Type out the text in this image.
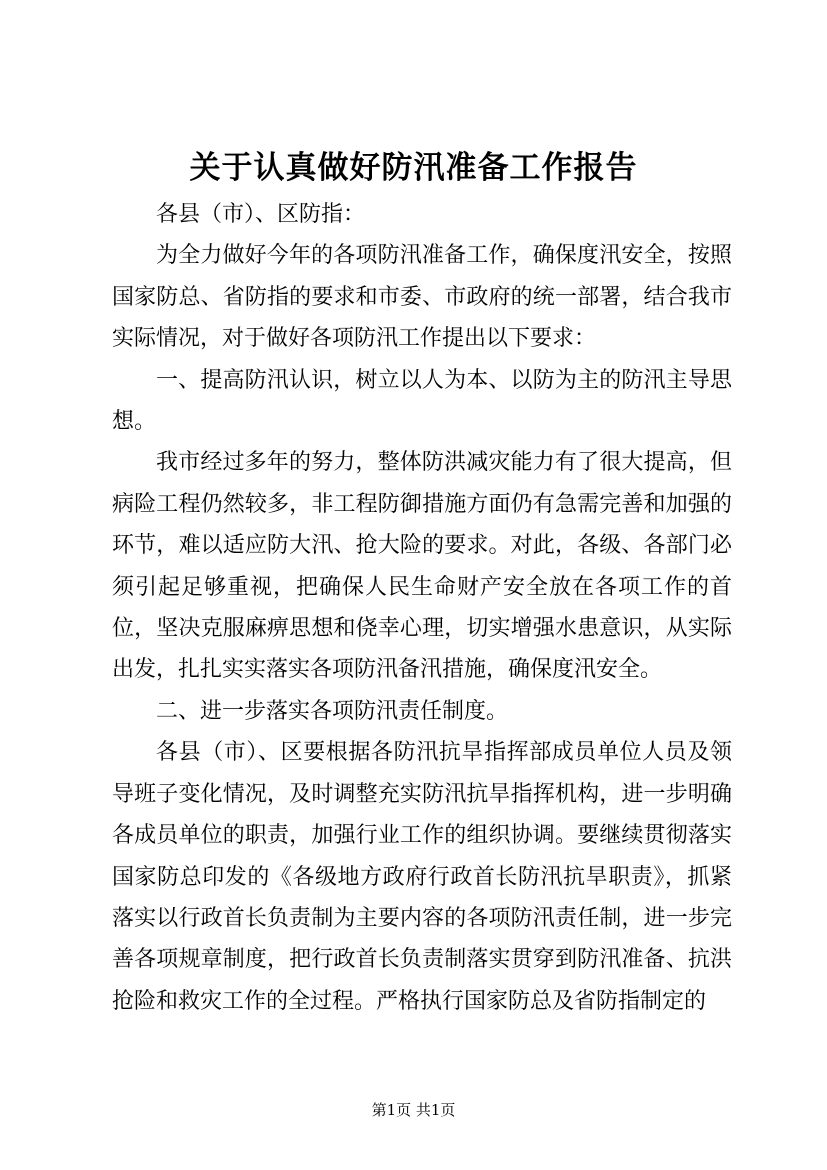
关于认真做好防汛准备工作报告

各县（市）、区防指：

为全力做好今年的各项防汛准备工作，确保度汛安全，按照国家防总、省防指的要求和市委、市政府的统一部署，结合我市实际情况，对于做好各项防汛工作提出以下要求：

一、提高防汛认识，树立以人为本、以防为主的防汛主导思想。

我市经过多年的努力，整体防洪减灾能力有了很大提高，但病险工程仍然较多，非工程防御措施方面仍有急需完善和加强的环节，难以适应防大汛、抢大险的要求。对此，各级、各部门必须引起足够重视，把确保人民生命财产安全放在各项工作的首位，坚决克服麻痹思想和侥幸心理，切实增强水患意识，从实际出发，扎扎实实落实各项防汛备汛措施，确保度汛安全。

二、进一步落实各项防汛责任制度。

各县（市）、区要根据各防汛抗旱指挥部成员单位人员及领导班子变化情况，及时调整充实防汛抗旱指挥机构，进一步明确各成员单位的职责，加强行业工作的组织协调。要继续贯彻落实国家防总印发的《各级地方政府行政首长防汛抗旱职责》，抓紧落实以行政首长负责制为主要内容的各项防汛责任制，进一步完善各项规章制度，把行政首长负责制落实贯穿到防汛准备、抗洪抢险和救灾工作的全过程。严格执行国家防总及省防指制定的

第1页 共1页
